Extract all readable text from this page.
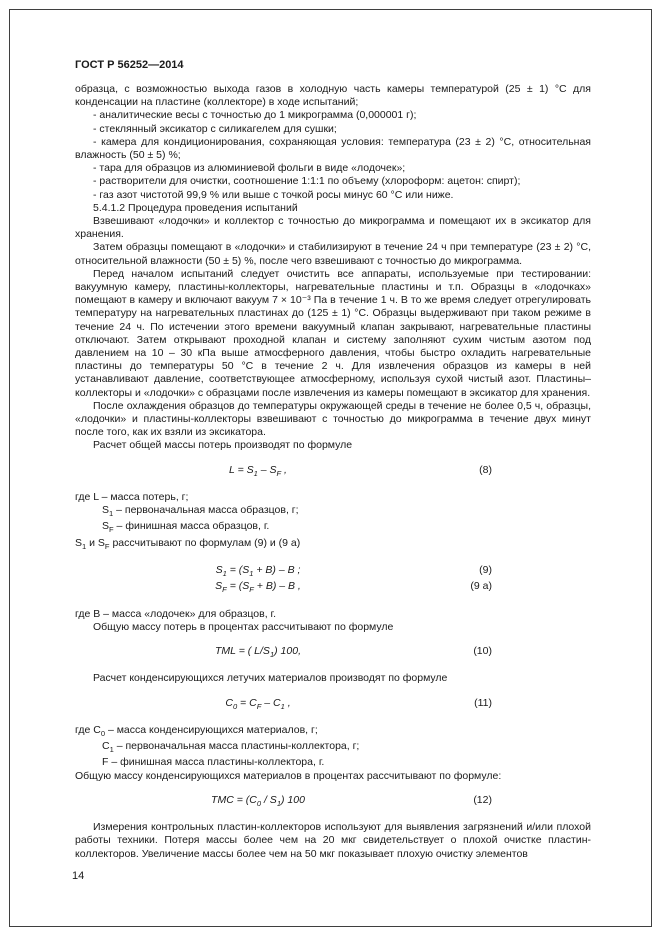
ГОСТ Р 56252—2014

образца, с возможностью выхода газов в холодную часть камеры температурой (25 ± 1) °С для конденсации на пластине (коллекторе) в ходе испытаний;

- аналитические весы с точностью до 1 микрограмма (0,000001 г);

- стеклянный эксикатор с силикагелем для сушки;

- камера для кондиционирования, сохраняющая условия: температура (23 ± 2) °С, относительная влажность (50 ± 5) %;

- тара для образцов из алюминиевой фольги в виде «лодочек»;

- растворители для очистки, соотношение 1:1:1 по объему (хлороформ: ацетон: спирт);

- газ азот чистотой 99,9 % или выше с точкой росы минус 60 °С или ниже.

5.4.1.2 Процедура проведения испытаний

Взвешивают «лодочки» и коллектор с точностью до микрограмма и помещают их в эксикатор для хранения.

Затем образцы помещают в «лодочки» и стабилизируют в течение 24 ч при температуре (23 ± 2) °С, относительной влажности (50 ± 5) %, после чего взвешивают с точностью до микрограмма.

Перед началом испытаний следует очистить все аппараты, используемые при тестировании: вакуумную камеру, пластины-коллекторы, нагревательные пластины и т.п. Образцы в «лодочках» помещают в камеру и включают вакуум 7 × 10⁻³ Па в течение 1 ч. В то же время следует отрегулировать температуру на нагревательных пластинах до (125 ± 1) °С. Образцы выдерживают при таком режиме в течение 24 ч. По истечении этого времени вакуумный клапан закрывают, нагревательные пластины отключают. Затем открывают проходной клапан и систему заполняют сухим чистым азотом под давлением на 10 – 30 кПа выше атмосферного давления, чтобы быстро охладить нагревательные пластины до температуры 50 °С в течение 2 ч. Для извлечения образцов из камеры в ней устанавливают давление, соответствующее атмосферному, используя сухой чистый азот. Пластины–коллекторы и «лодочки» с образцами после извлечения из камеры помещают в эксикатор для хранения.

После охлаждения образцов до температуры окружающей среды в течение не более 0,5 ч, образцы, «лодочки» и пластины-коллекторы взвешивают с точностью до микрограмма в течение двух минут после того, как их взяли из эксикатора.

Расчет общей массы потерь производят по формуле

$L = S_1 - S_F$ ,	(8)

где L – масса потерь, г;

$S_1$ – первоначальная масса образцов, г;

$S_F$ – финишная масса образцов, г.

$S_1$ и $S_F$ рассчитывают по формулам (9) и (9 а)

$S_1 = (S_1 + B) - B$ ;	(9)
$S_F = (S_F + B) - B$ ,	(9 а)

где В – масса «лодочек» для образцов, г.

Общую массу потерь в процентах рассчитывают по формуле

TML = ( $L/S_1$) 100,	(10)

Расчет конденсирующихся летучих материалов производят по формуле

$C_0 = C_F - C_1$ ,	(11)

где $C_0$ – масса конденсирующихся материалов, г;

$C_1$ – первоначальная масса пластины-коллектора, г;

F – финишная масса пластины-коллектора, г.

Общую массу конденсирующихся материалов в процентах рассчитывают по формуле:

TMC = $(C_0 / S_1)$ 100	(12)

Измерения контрольных пластин-коллекторов используют для выявления загрязнений и/или плохой работы техники. Потеря массы более чем на 20 мкг свидетельствует о плохой очистке пластин-коллекторов. Увеличение массы более чем на 50 мкг показывает плохую очистку элементов

14
